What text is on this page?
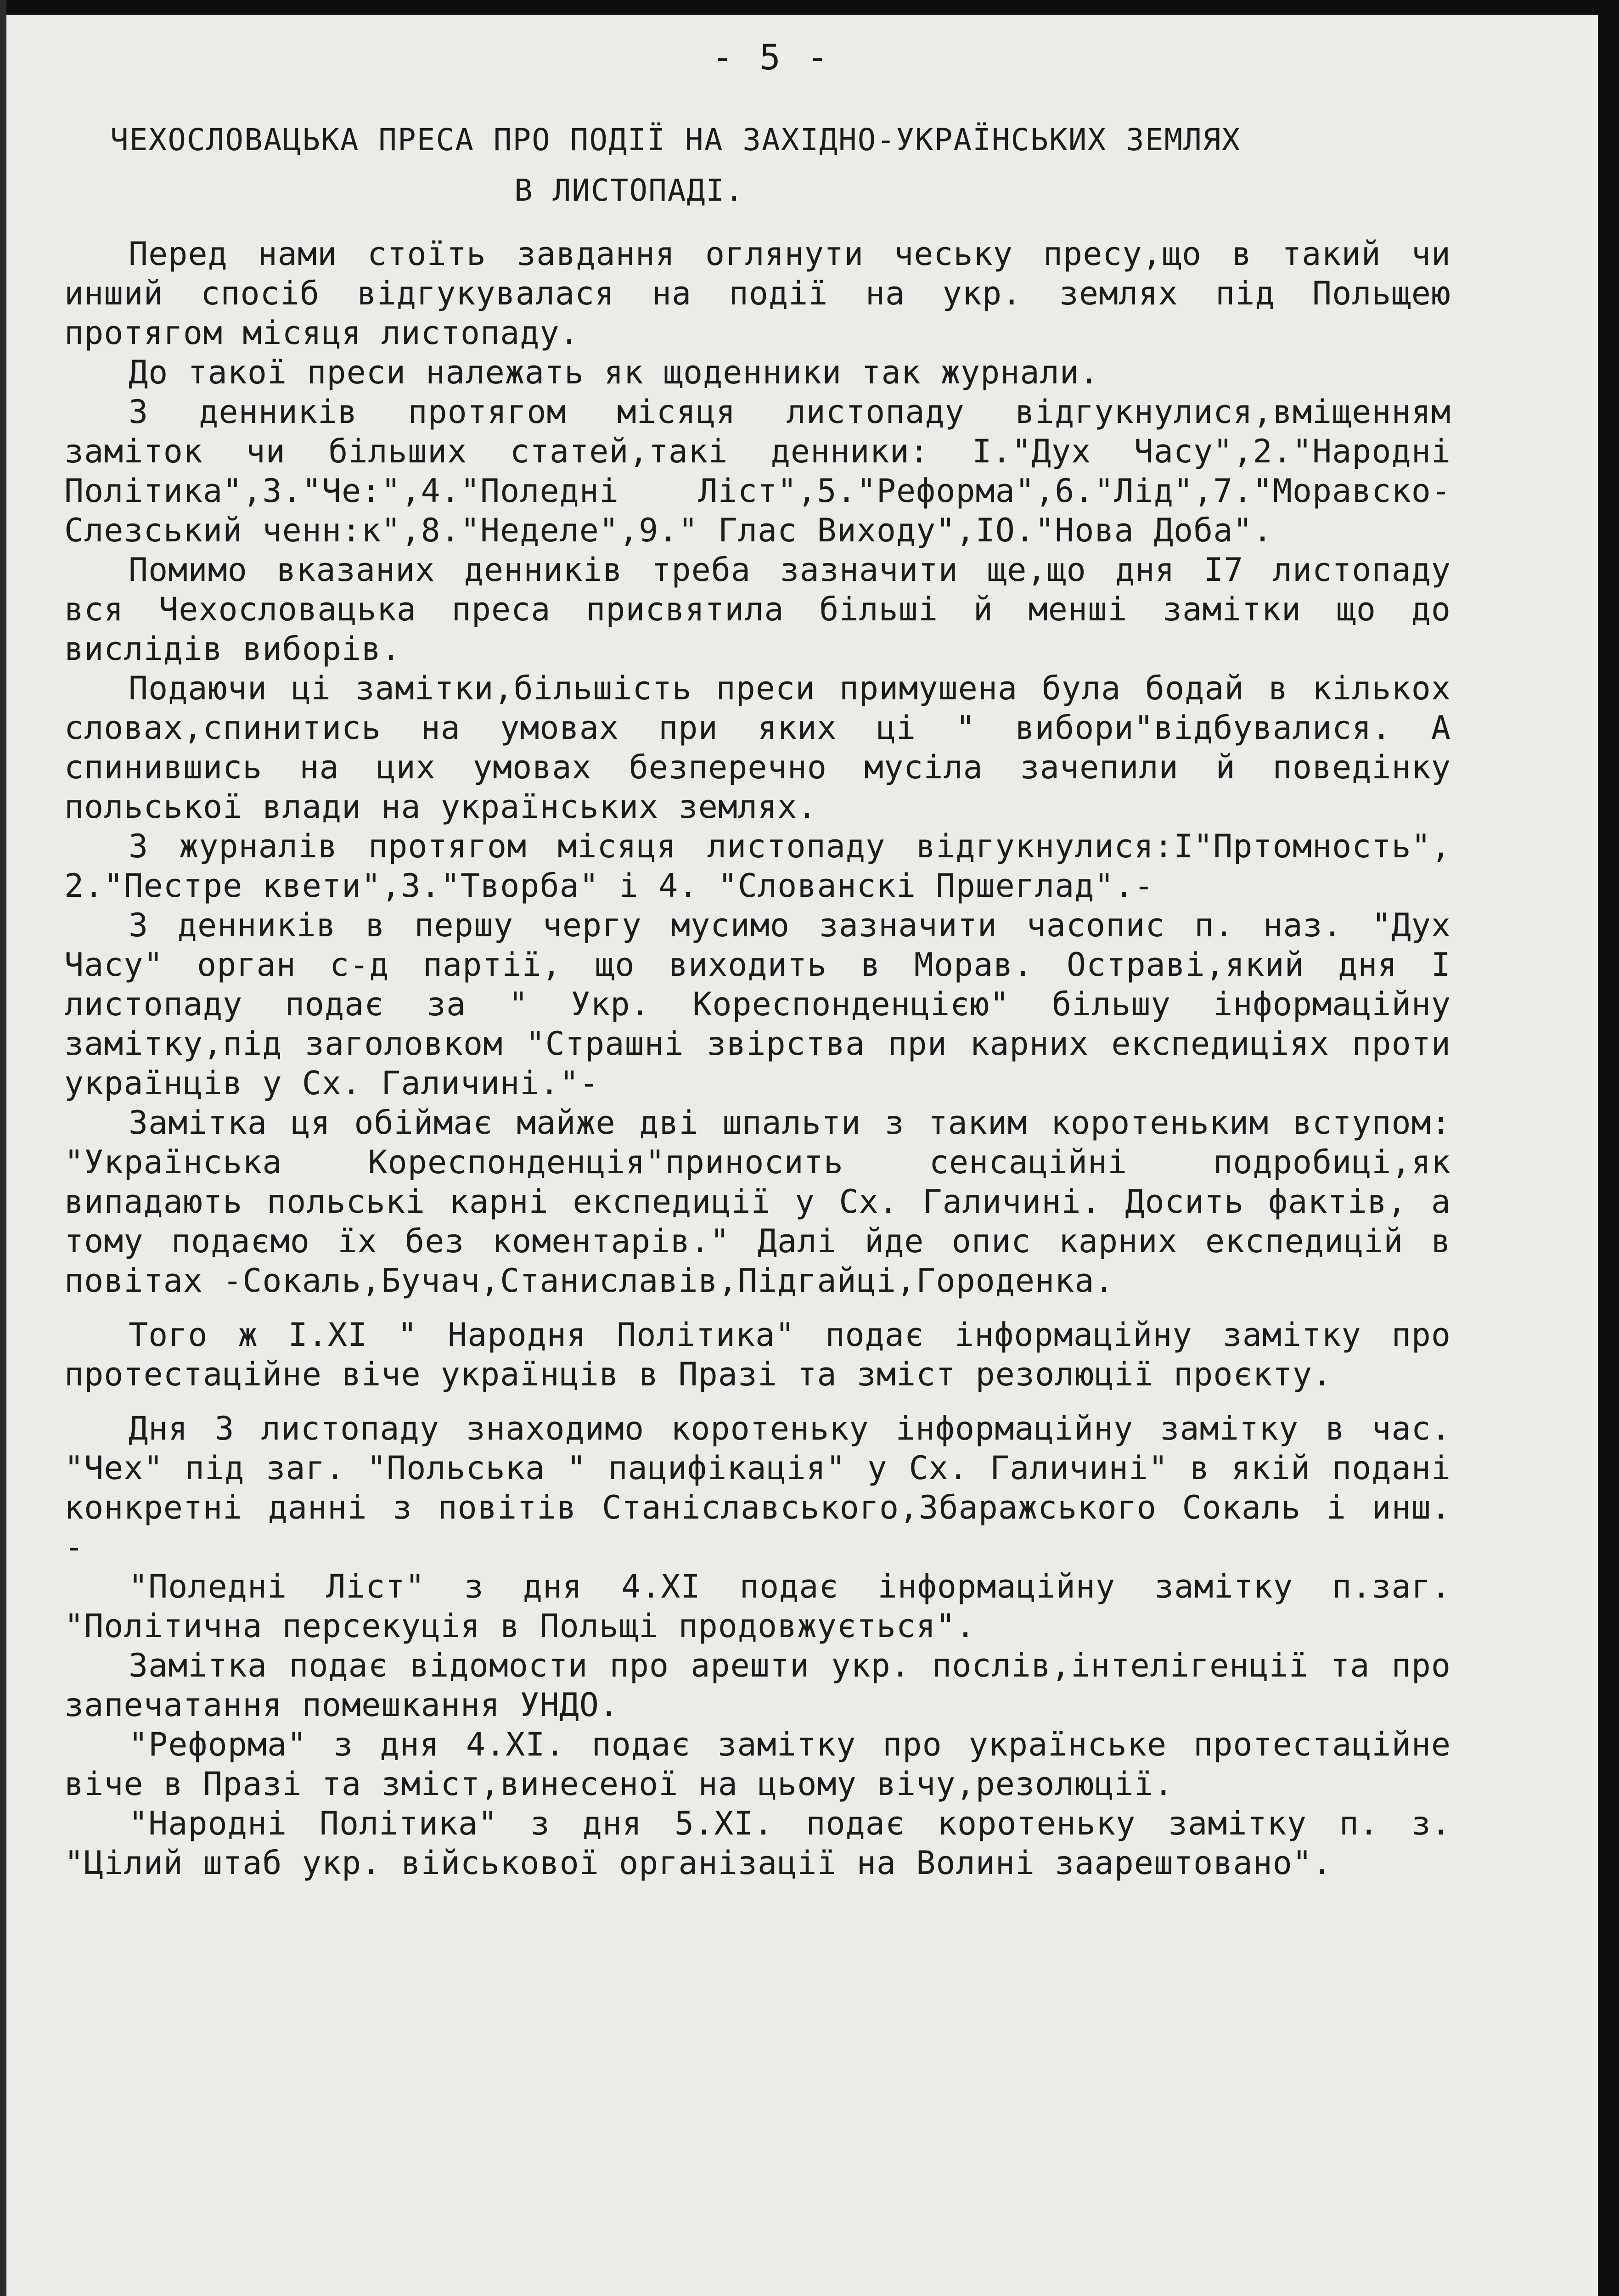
- 5 -
ЧЕХОСЛОВАЦЬКА ПРЕСА ПРО ПОДІЇ НА ЗАХІДНО-УКРАЇНСЬКИХ ЗЕМЛЯХ
В ЛИСТОПАДІ.

Перед нами стоїть завдання оглянути чеську пресу,що в такий чи инший спосіб відгукувалася на події на укр. землях під Польщею протягом місяця листопаду.

До такої преси належать як щоденники так журнали.

З денників протягом місяця листопаду відгукнулися,вміщенням заміток чи більших статей,такі денники: І."Дух Часу",2."Народні Політика",3."Че:",4."Поледні Ліст",5."Реформа",6."Лід",7."Моравско-Слезський ченн:к",8."Неделе",9." Глас Виходу",ІО."Нова Доба".

Помимо вказаних денників треба зазначити ще,що дня І7 листопаду вся Чехословацька преса присвятила більші й менші замітки що до вислідів виборів.

Подаючи ці замітки,більшість преси примушена була бодай в кількох словах,спинитись на умовах при яких ці " вибори"відбувалися. А спинившись на цих умовах безперечно мусіла зачепили й поведінку польської влади на українських землях.

З журналів протягом місяця листопаду відгукнулися:І"Пртомность", 2."Пестре квети",3."Творба" і 4. "Слованскі Пршеглад".-

З денників в першу чергу мусимо зазначити часопис п. наз. "Дух Часу" орган с-д партії, що виходить в Морав. Остраві,який дня І листопаду подає за " Укр. Кореспонденцією" більшу інформаційну замітку,під заголовком "Страшні звірства при карних експедиціях проти українців у Сх. Галичині."-

Замітка ця обіймає майже дві шпальти з таким коротеньким вступом: "Українська Кореспонденція"приносить сенсаційні подробиці,як випадають польські карні експедиції у Сх. Галичині. Досить фактів, а тому подаємо їх без коментарів." Далі йде опис карних експедицій в повітах -Сокаль,Бучач,Станиславів,Підгайці,Городенка.

Того ж І.ХІ " Народня Політика" подає інформаційну замітку про протестаційне віче українців в Празі та зміст резолюції проєкту.

Дня 3 листопаду знаходимо коротеньку інформаційну замітку в час. "Чех" під заг. "Польська " пацифікація" у Сх. Галичині" в якій подані конкретні данні з повітів Станіславського,Збаражського Сокаль і инш. -

"Поледні Ліст" з дня 4.ХІ подає інформаційну замітку п.заг. "Політична персекуція в Польщі продовжується".

Замітка подає відомости про арешти укр. послів,інтелігенції та про запечатання помешкання УНДО.

"Реформа" з дня 4.ХІ. подає замітку про українське протестаційне віче в Празі та зміст,винесеної на цьому вічу,резолюції.

"Народні Політика" з дня 5.ХІ. подає коротеньку замітку п. з. "Цілий штаб укр. військової організації на Волині заарештовано".
